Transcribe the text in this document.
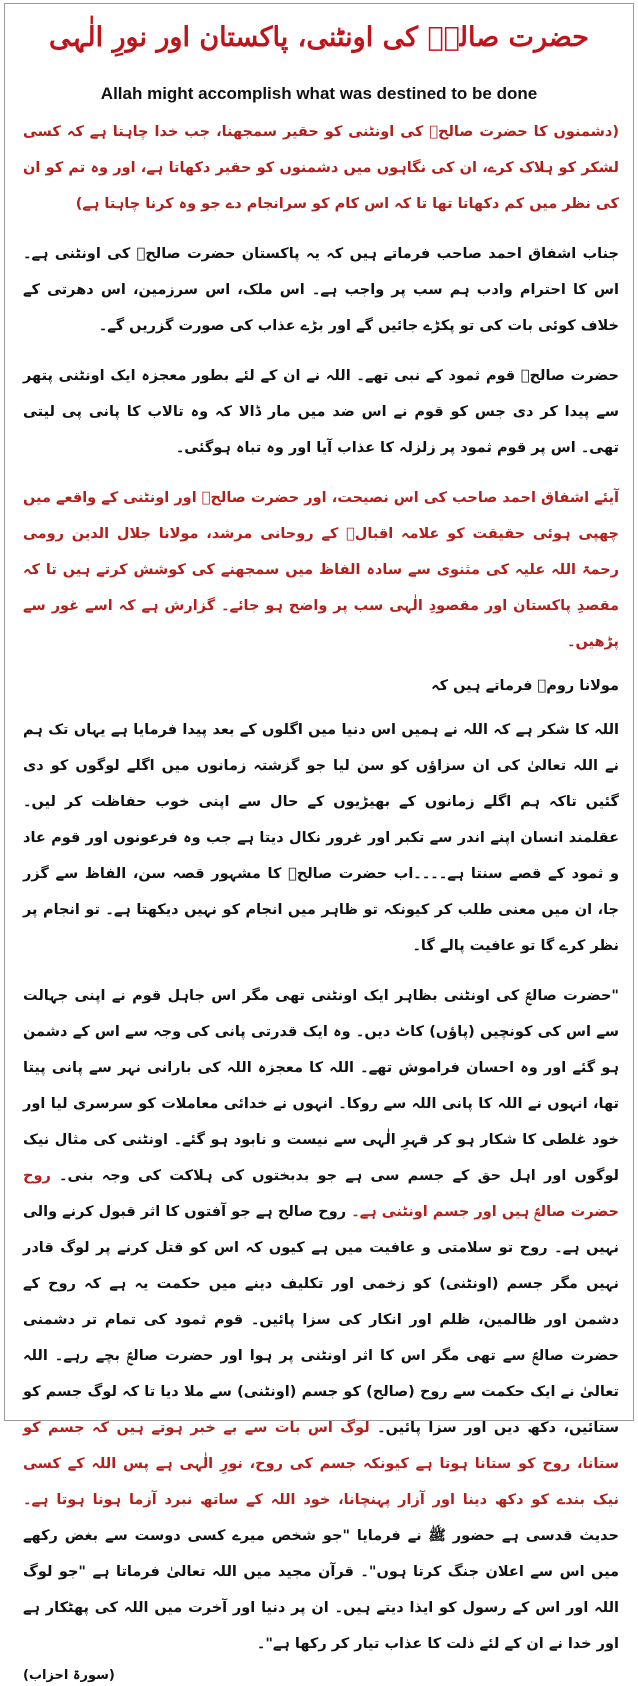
حضرت صالحؑ کی اونٹنی، پاکستان اور نورِ الٰہی
Allah might accomplish what was destined to be done
(دشمنوں کا حضرت صالحؑ کی اونٹنی کو حقیر سمجھنا، جب خدا چاہتا ہے کہ کسی لشکر کو ہلاک کرے، ان کی نگاہوں میں دشمنوں کو حقیر دکھاتا ہے، اور وہ تم کو ان کی نظر میں کم دکھاتا تھا تا کہ اس کام کو سرانجام دے جو وہ کرنا چاہتا ہے)
جناب اشفاق احمد صاحب فرماتے ہیں کہ یہ پاکستان حضرت صالحؑ کی اونٹنی ہے۔ اس کا احترام وادب ہم سب پر واجب ہے۔ اس ملک، اس سرزمین، اس دھرتی کے خلاف کوئی بات کی تو پکڑے جائیں گے اور بڑے عذاب کی صورت گزریں گے۔
حضرت صالحؑ قوم ثمود کے نبی تھے۔ اللہ نے ان کے لئے بطور معجزہ ایک اونٹنی پتھر سے پیدا کر دی جس کو قوم نے اس ضد میں مار ڈالا کہ وہ تالاب کا پانی پی لیتی تھی۔ اس پر قوم ثمود پر زلزلہ کا عذاب آیا اور وہ تباہ ہوگئی۔
آیئے اشفاق احمد صاحب کی اس نصیحت، اور حضرت صالحؑ اور اونٹنی کے واقعے میں چھپی ہوئی حقیقت کو علامہ اقبالؒ کے روحانی مرشد، مولانا جلال الدین رومی رحمۃ اللہ علیہ کی مثنوی سے سادہ الفاظ میں سمجھنے کی کوشش کرتے ہیں تا کہ مقصدِ پاکستان اور مقصودِ الٰہی سب پر واضح ہو جائے۔ گزارش ہے کہ اسے غور سے پڑھیں۔
مولانا رومؒ فرماتے ہیں کہ
اللہ کا شکر ہے کہ اللہ نے ہمیں اس دنیا میں اگلوں کے بعد پیدا فرمایا ہے یہاں تک ہم نے اللہ تعالیٰ کی ان سزاؤں کو سن لیا جو گزشتہ زمانوں میں اگلے لوگوں کو دی گئیں تاکہ ہم اگلے زمانوں کے بھیڑیوں کے حال سے اپنی خوب حفاظت کر لیں۔ عقلمند انسان اپنے اندر سے تکبر اور غرور نکال دیتا ہے جب وہ فرعونوں اور قوم عاد و ثمود کے قصے سنتا ہے۔۔۔۔اب حضرت صالحؑ کا مشہور قصہ سن، الفاظ سے گزر جا، ان میں معنی طلب کر کیونکہ تو ظاہر میں انجام کو نہیں دیکھتا ہے۔ تو انجام پر نظر کرے گا تو عافیت پالے گا۔
"حضرت صالحؑ کی اونٹنی بظاہر ایک اونٹنی تھی مگر اس جاہل قوم نے اپنی جہالت سے اس کی کونچیں (پاؤں) کاٹ دیں۔ وہ ایک قدرتی پانی کی وجہ سے اس کے دشمن ہو گئے اور وہ احسان فراموش تھے۔ اللہ کا معجزہ اللہ کی بارانی نہر سے پانی پیتا تھا، انہوں نے اللہ کا پانی اللہ سے روکا۔ انہوں نے خدائی معاملات کو سرسری لیا اور خود غلطی کا شکار ہو کر قہرِ الٰہی سے نیست و نابود ہو گئے۔ اونٹنی کی مثال نیک لوگوں اور اہل حق کے جسم سی ہے جو بدبختوں کی ہلاکت کی وجہ بنی۔ روح حضرت صالحؑ ہیں اور جسم اونٹنی ہے۔ روح صالح ہے جو آفتوں کا اثر قبول کرنے والی نہیں ہے۔ روح تو سلامتی و عافیت میں ہے کیوں کہ اس کو قتل کرنے پر لوگ قادر نہیں مگر جسم (اونٹنی) کو زخمی اور تکلیف دینے میں حکمت یہ ہے کہ روح کے دشمن اور ظالمین، ظلم اور انکار کی سزا پائیں۔ قوم ثمود کی تمام تر دشمنی حضرت صالحؑ سے تھی مگر اس کا اثر اونٹنی پر ہوا اور حضرت صالحؑ بچے رہے۔ اللہ تعالیٰ نے ایک حکمت سے روح (صالح) کو جسم (اونٹنی) سے ملا دیا تا کہ لوگ جسم کو ستائیں، دکھ دیں اور سزا پائیں۔ لوگ اس بات سے بے خبر ہوتے ہیں کہ جسم کو ستانا، روح کو ستانا ہوتا ہے کیونکہ جسم کی روح، نورِ الٰہی ہے پس اللہ کے کسی نیک بندے کو دکھ دینا اور آزار پہنچانا، خود اللہ کے ساتھ نبرد آزما ہونا ہوتا ہے۔ حدیث قدسی ہے حضور ﷺ نے فرمایا "جو شخص میرے کسی دوست سے بغض رکھے میں اس سے اعلان جنگ کرتا ہوں"۔ قرآن مجید میں اللہ تعالیٰ فرماتا ہے "جو لوگ اللہ اور اس کے رسول کو ایذا دیتے ہیں۔ ان پر دنیا اور آخرت میں اللہ کی پھٹکار ہے اور خدا نے ان کے لئے ذلت کا عذاب تیار کر رکھا ہے"۔
(سورۃ احزاب)
